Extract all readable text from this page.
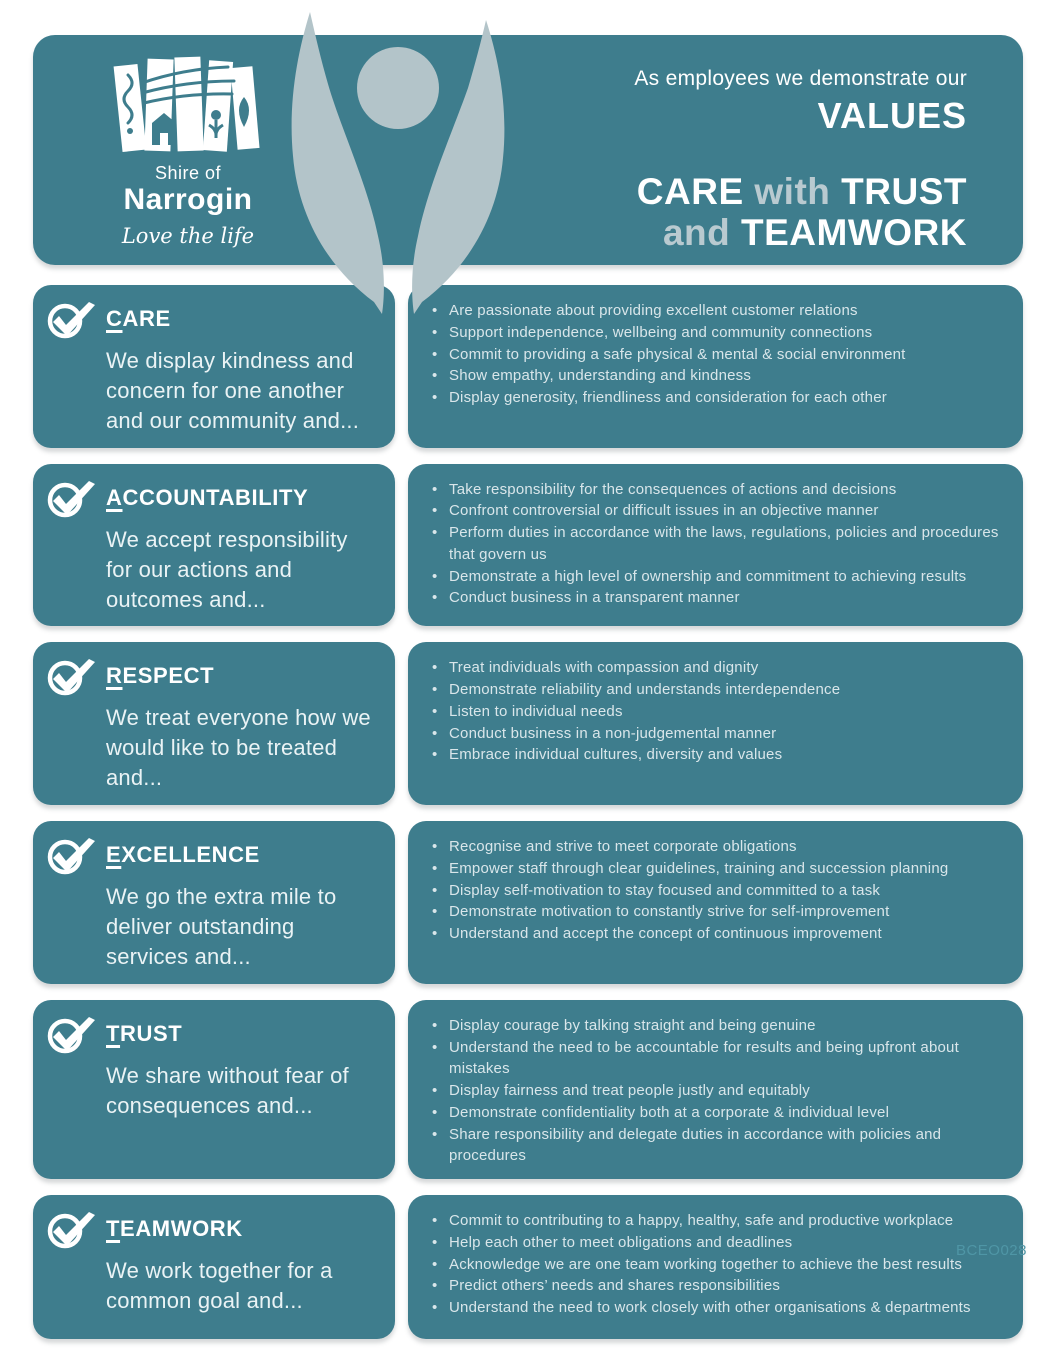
Shire of
Narrogin
Love the life
As employees we demonstrate our
VALUES
CARE with TRUST
and TEAMWORK
CARE

We display kindness and concern for one another and our community and...

• Are passionate about providing excellent customer relations
• Support independence, wellbeing and community connections
• Commit to providing a safe physical & mental & social environment
• Show empathy, understanding and kindness
• Display generosity, friendliness and consideration for each other
ACCOUNTABILITY

We accept responsibility for our actions and outcomes and...

• Take responsibility for the consequences of actions and decisions
• Confront controversial or difficult issues in an objective manner
• Perform duties in accordance with the laws, regulations, policies and procedures that govern us
• Demonstrate a high level of ownership and commitment to achieving results
• Conduct business in a transparent manner
RESPECT

We treat everyone how we would like to be treated and...

• Treat individuals with compassion and dignity
• Demonstrate reliability and understands interdependence
• Listen to individual needs
• Conduct business in a non-judgemental manner
• Embrace individual cultures, diversity and values
EXCELLENCE

We go the extra mile to deliver outstanding services and...

• Recognise and strive to meet corporate obligations
• Empower staff through clear guidelines, training and succession planning
• Display self-motivation to stay focused and committed to a task
• Demonstrate motivation to constantly strive for self-improvement
• Understand and accept the concept of continuous improvement
TRUST

We share without fear of consequences and...

• Display courage by talking straight and being genuine
• Understand the need to be accountable for results and being upfront about mistakes
• Display fairness and treat people justly and equitably
• Demonstrate confidentiality both at a corporate & individual level
• Share responsibility and delegate duties in accordance with policies and procedures
TEAMWORK

We work together for a common goal and...

• Commit to contributing to a happy, healthy, safe and productive workplace
• Help each other to meet obligations and deadlines
• Acknowledge we are one team working together to achieve the best results
• Predict others’ needs and shares responsibilities
• Understand the need to work closely with other organisations & departments
BCEO028
